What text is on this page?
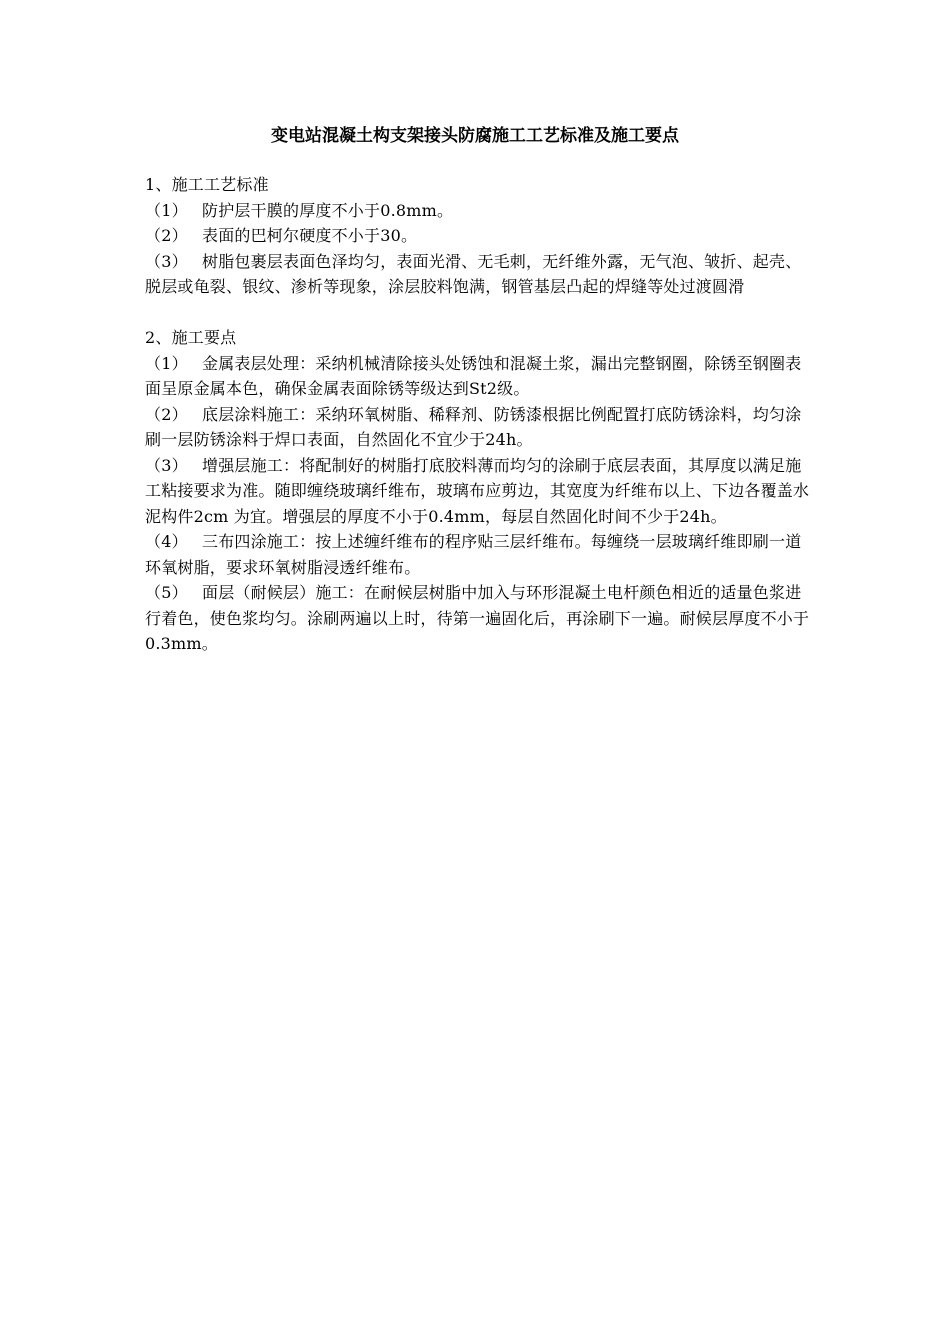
变电站混凝土构支架接头防腐施工工艺标准及施工要点

1、施工工艺标准

（1） 防护层干膜的厚度不小于0.8mm。

（2） 表面的巴柯尔硬度不小于30。

（3） 树脂包裹层表面色泽均匀，表面光滑、无毛刺，无纤维外露，无气泡、皱折、起壳、脱层或龟裂、银纹、渗析等现象，涂层胶料饱满，钢管基层凸起的焊缝等处过渡圆滑

2、施工要点

（1） 金属表层处理：采纳机械清除接头处锈蚀和混凝土浆，漏出完整钢圈，除锈至钢圈表面呈原金属本色，确保金属表面除锈等级达到St2级。

（2） 底层涂料施工：采纳环氧树脂、稀释剂、防锈漆根据比例配置打底防锈涂料，均匀涂刷一层防锈涂料于焊口表面，自然固化不宜少于24h。

（3） 增强层施工：将配制好的树脂打底胶料薄而均匀的涂刷于底层表面，其厚度以满足施工粘接要求为准。随即缠绕玻璃纤维布，玻璃布应剪边，其宽度为纤维布以上、下边各覆盖水泥构件2cm 为宜。增强层的厚度不小于0.4mm，每层自然固化时间不少于24h。

（4） 三布四涂施工：按上述缠纤维布的程序贴三层纤维布。每缠绕一层玻璃纤维即刷一道环氧树脂，要求环氧树脂浸透纤维布。

（5） 面层（耐候层）施工：在耐候层树脂中加入与环形混凝土电杆颜色相近的适量色浆进行着色，使色浆均匀。涂刷两遍以上时，待第一遍固化后，再涂刷下一遍。耐候层厚度不小于0.3mm。
